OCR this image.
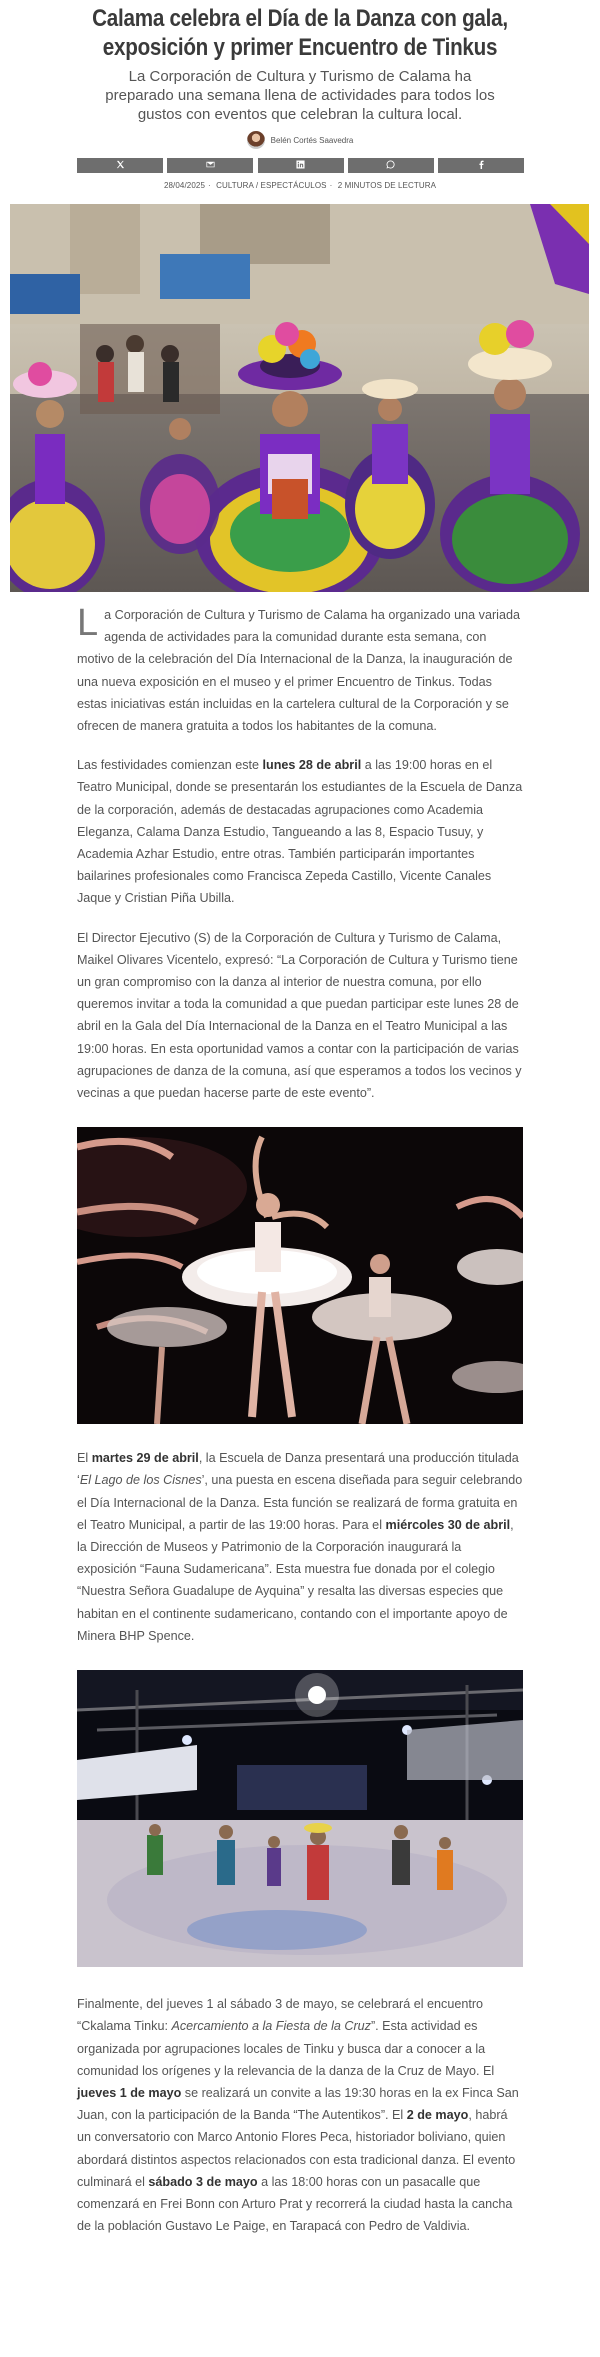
Calama celebra el Día de la Danza con gala, exposición y primer Encuentro de Tinkus

La Corporación de Cultura y Turismo de Calama ha preparado una semana llena de actividades para todos los gustos con eventos que celebran la cultura local.

Belén Cortés Saavedra
28/04/2025 · CULTURA / ESPECTÁCULOS · 2 MINUTOS DE LECTURA

La Corporación de Cultura y Turismo de Calama ha organizado una variada agenda de actividades para la comunidad durante esta semana, con motivo de la celebración del Día Internacional de la Danza, la inauguración de una nueva exposición en el museo y el primer Encuentro de Tinkus. Todas estas iniciativas están incluidas en la cartelera cultural de la Corporación y se ofrecen de manera gratuita a todos los habitantes de la comuna.

Las festividades comienzan este lunes 28 de abril a las 19:00 horas en el Teatro Municipal, donde se presentarán los estudiantes de la Escuela de Danza de la corporación, además de destacadas agrupaciones como Academia Eleganza, Calama Danza Estudio, Tangueando a las 8, Espacio Tusuy, y Academia Azhar Estudio, entre otras. También participarán importantes bailarines profesionales como Francisca Zepeda Castillo, Vicente Canales Jaque y Cristian Piña Ubilla.

El Director Ejecutivo (S) de la Corporación de Cultura y Turismo de Calama, Maikel Olivares Vicentelo, expresó: “La Corporación de Cultura y Turismo tiene un gran compromiso con la danza al interior de nuestra comuna, por ello queremos invitar a toda la comunidad a que puedan participar este lunes 28 de abril en la Gala del Día Internacional de la Danza en el Teatro Municipal a las 19:00 horas. En esta oportunidad vamos a contar con la participación de varias agrupaciones de danza de la comuna, así que esperamos a todos los vecinos y vecinas a que puedan hacerse parte de este evento”.

El martes 29 de abril, la Escuela de Danza presentará una producción titulada ‘El Lago de los Cisnes’, una puesta en escena diseñada para seguir celebrando el Día Internacional de la Danza. Esta función se realizará de forma gratuita en el Teatro Municipal, a partir de las 19:00 horas. Para el miércoles 30 de abril, la Dirección de Museos y Patrimonio de la Corporación inaugurará la exposición “Fauna Sudamericana”. Esta muestra fue donada por el colegio “Nuestra Señora Guadalupe de Ayquina” y resalta las diversas especies que habitan en el continente sudamericano, contando con el importante apoyo de Minera BHP Spence.

Finalmente, del jueves 1 al sábado 3 de mayo, se celebrará el encuentro “Ckalama Tinku: Acercamiento a la Fiesta de la Cruz”. Esta actividad es organizada por agrupaciones locales de Tinku y busca dar a conocer a la comunidad los orígenes y la relevancia de la danza de la Cruz de Mayo. El jueves 1 de mayo se realizará un convite a las 19:30 horas en la ex Finca San Juan, con la participación de la Banda “The Autentikos”. El 2 de mayo, habrá un conversatorio con Marco Antonio Flores Peca, historiador boliviano, quien abordará distintos aspectos relacionados con esta tradicional danza. El evento culminará el sábado 3 de mayo a las 18:00 horas con un pasacalle que comenzará en Frei Bonn con Arturo Prat y recorrerá la ciudad hasta la cancha de la población Gustavo Le Paige, en Tarapacá con Pedro de Valdivia.
